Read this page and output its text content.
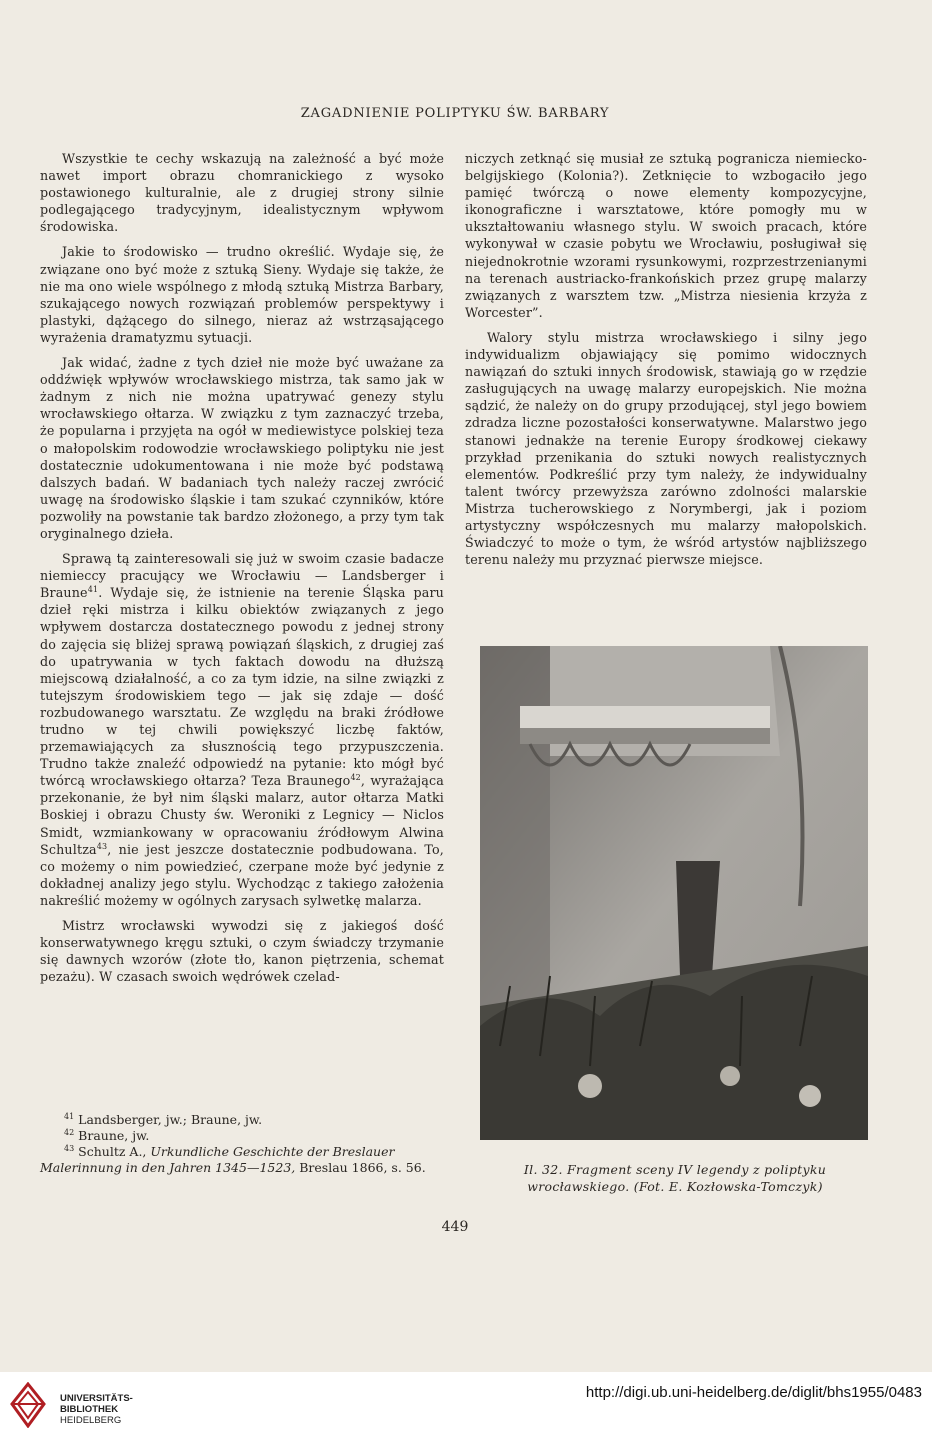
ZAGADNIENIE POLIPTYKU ŚW. BARBARY

Wszystkie te cechy wskazują na zależność a być może nawet import obrazu chomranickiego z wysoko postawionego kulturalnie, ale z drugiej strony silnie podlegającego tradycyjnym, idealistycznym wpływom środowiska.

Jakie to środowisko — trudno określić. Wydaje się, że związane ono być może z sztuką Sieny. Wydaje się także, że nie ma ono wiele wspólnego z młodą sztuką Mistrza Barbary, szukającego nowych rozwiązań problemów perspektywy i plastyki, dążącego do silnego, nieraz aż wstrząsającego wyrażenia dramatyzmu sytuacji.

Jak widać, żadne z tych dzieł nie może być uważane za oddźwięk wpływów wrocławskiego mistrza, tak samo jak w żadnym z nich nie można upatrywać genezy stylu wrocławskiego ołtarza. W związku z tym zaznaczyć trzeba, że popularna i przyjęta na ogół w mediewistyce polskiej teza o małopolskim rodowodzie wrocławskiego poliptyku nie jest dostatecznie udokumentowana i nie może być podstawą dalszych badań. W badaniach tych należy raczej zwrócić uwagę na środowisko śląskie i tam szukać czynników, które pozwoliły na powstanie tak bardzo złożonego, a przy tym tak oryginalnego dzieła.

Sprawą tą zainteresowali się już w swoim czasie badacze niemieccy pracujący we Wrocławiu — Landsberger i Braune$^{41}$. Wydaje się, że istnienie na terenie Śląska paru dzieł ręki mistrza i kilku obiektów związanych z jego wpływem dostarcza dostatecznego powodu z jednej strony do zajęcia się bliżej sprawą powiązań śląskich, z drugiej zaś do upatrywania w tych faktach dowodu na dłuższą miejscową działalność, a co za tym idzie, na silne związki z tutejszym środowiskiem tego — jak się zdaje — dość rozbudowanego warsztatu. Ze względu na braki źródłowe trudno w tej chwili powiększyć liczbę faktów, przemawiających za słusznością tego przypuszczenia. Trudno także znaleźć odpowiedź na pytanie: kto mógł być twórcą wrocławskiego ołtarza? Teza Braunego$^{42}$, wyrażająca przekonanie, że był nim śląski malarz, autor ołtarza Matki Boskiej i obrazu Chusty św. Weroniki z Legnicy — Niclos Smidt, wzmiankowany w opracowaniu źródłowym Alwina Schultza$^{43}$, nie jest jeszcze dostatecznie podbudowana. To, co możemy o nim powiedzieć, czerpane może być jedynie z dokładnej analizy jego stylu. Wychodząc z takiego założenia nakreślić możemy w ogólnych zarysach sylwetkę malarza.

Mistrz wrocławski wywodzi się z jakiegoś dość konserwatywnego kręgu sztuki, o czym świadczy trzymanie się dawnych wzorów (złote tło, kanon piętrzenia, schemat pezażu). W czasach swoich wędrówek czelad-

niczych zetknąć się musiał ze sztuką pogranicza niemiecko-belgijskiego (Kolonia?). Zetknięcie to wzbogaciło jego pamięć twórczą o nowe elementy kompozycyjne, ikonograficzne i warsztatowe, które pomogły mu w ukształtowaniu własnego stylu. W swoich pracach, które wykonywał w czasie pobytu we Wrocławiu, posługiwał się niejednokrotnie wzorami rysunkowymi, rozprzestrzenianymi na terenach austriacko-frankońskich przez grupę malarzy związanych z warsztem tzw. „Mistrza niesienia krzyża z Worcester”.

Walory stylu mistrza wrocławskiego i silny jego indywidualizm objawiający się pomimo widocznych nawiązań do sztuki innych środowisk, stawiają go w rzędzie zasługujących na uwagę malarzy europejskich. Nie można sądzić, że należy on do grupy przodującej, styl jego bowiem zdradza liczne pozostałości konserwatywne. Malarstwo jego stanowi jednakże na terenie Europy środkowej ciekawy przykład przenikania do sztuki nowych realistycznych elementów. Podkreślić przy tym należy, że indywidualny talent twórcy przewyższa zarówno zdolności malarskie Mistrza tucherowskiego z Norymbergi, jak i poziom artystyczny współczesnych mu malarzy małopolskich. Świadczyć to może o tym, że wśród artystów najbliższego terenu należy mu przyznać pierwsze miejsce.

$^{41}$ Landsberger, jw.; Braune, jw.
$^{42}$ Braune, jw.
$^{43}$ Schultz A., Urkundliche Geschichte der Breslauer Malerinnung in den Jahren 1345—1523, Breslau 1866, s. 56.	Il. 32. Fragment sceny IV legendy z poliptyku
wrocławskiego. (Fot. E. Kozłowska-Tomczyk)
449
UNIVERSITÄTS-
BIBLIOTHEK
HEIDELBERG
http://digi.ub.uni-heidelberg.de/diglit/bhs1955/0483
